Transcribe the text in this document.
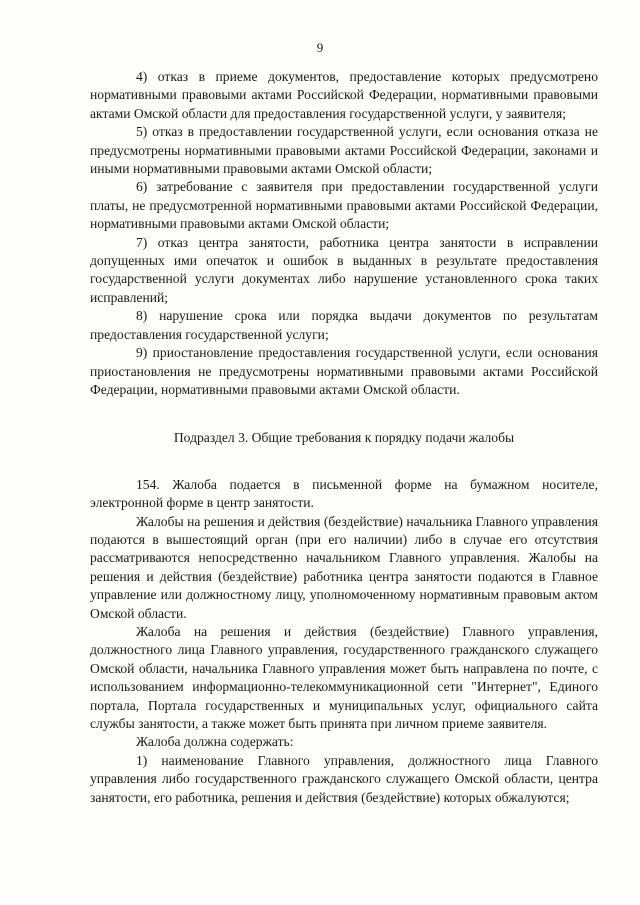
9

4) отказ в приеме документов, предоставление которых предусмотрено нормативными правовыми актами Российской Федерации, нормативными правовыми актами Омской области для предоставления государственной услуги, у заявителя;

5) отказ в предоставлении государственной услуги, если основания отказа не предусмотрены нормативными правовыми актами Российской Федерации, законами и иными нормативными правовыми актами Омской области;

6) затребование с заявителя при предоставлении государственной услуги платы, не предусмотренной нормативными правовыми актами Российской Федерации, нормативными правовыми актами Омской области;

7) отказ центра занятости, работника центра занятости в исправлении допущенных ими опечаток и ошибок в выданных в результате предоставления государственной услуги документах либо нарушение установленного срока таких исправлений;

8) нарушение срока или порядка выдачи документов по результатам предоставления государственной услуги;

9) приостановление предоставления государственной услуги, если основания приостановления не предусмотрены нормативными правовыми актами Российской Федерации, нормативными правовыми актами Омской области.

Подраздел 3. Общие требования к порядку подачи жалобы

154. Жалоба подается в письменной форме на бумажном носителе, электронной форме в центр занятости.

Жалобы на решения и действия (бездействие) начальника Главного управления подаются в вышестоящий орган (при его наличии) либо в случае его отсутствия рассматриваются непосредственно начальником Главного управления. Жалобы на решения и действия (бездействие) работника центра занятости подаются в Главное управление или должностному лицу, уполномоченному нормативным правовым актом Омской области.

Жалоба на решения и действия (бездействие) Главного управления, должностного лица Главного управления, государственного гражданского служащего Омской области, начальника Главного управления может быть направлена по почте, с использованием информационно-телекоммуникационной сети "Интернет", Единого портала, Портала государственных и муниципальных услуг, официального сайта службы занятости, а также может быть принята при личном приеме заявителя.

Жалоба должна содержать:

1) наименование Главного управления, должностного лица Главного управления либо государственного гражданского служащего Омской области, центра занятости, его работника, решения и действия (бездействие) которых обжалуются;
